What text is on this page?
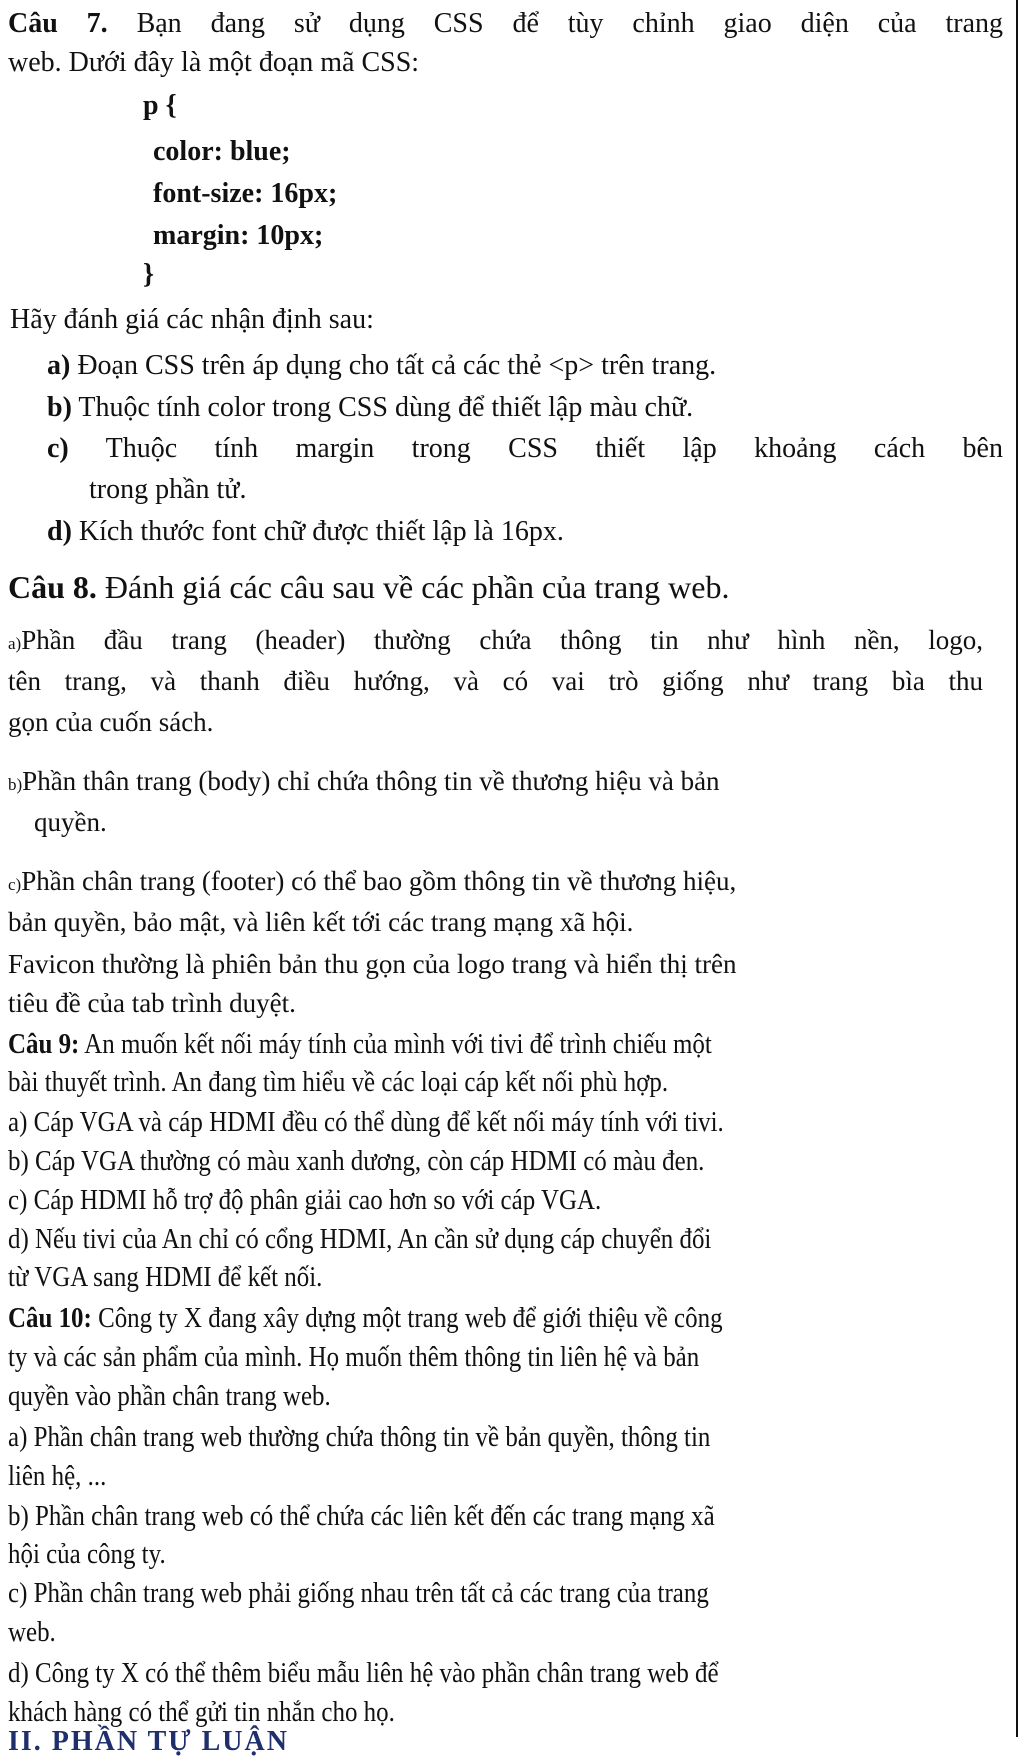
Câu 7. Bạn đang sử dụng CSS để tùy chỉnh giao diện của trang
web. Dưới đây là một đoạn mã CSS:
p {
color: blue;
font-size: 16px;
margin: 10px;
}
Hãy đánh giá các nhận định sau:
a) Đoạn CSS trên áp dụng cho tất cả các thẻ <p> trên trang.
b) Thuộc tính color trong CSS dùng để thiết lập màu chữ.
c) Thuộc tính margin trong CSS thiết lập khoảng cách bên
trong phần tử.
d) Kích thước font chữ được thiết lập là 16px.
Câu 8. Đánh giá các câu sau về các phần của trang web.
a)Phần đầu trang (header) thường chứa thông tin như hình nền, logo,
tên trang, và thanh điều hướng, và có vai trò giống như trang bìa thu
gọn của cuốn sách.
b)Phần thân trang (body) chỉ chứa thông tin về thương hiệu và bản
quyền.
c)Phần chân trang (footer) có thể bao gồm thông tin về thương hiệu,
bản quyền, bảo mật, và liên kết tới các trang mạng xã hội.
Favicon thường là phiên bản thu gọn của logo trang và hiển thị trên
tiêu đề của tab trình duyệt.
Câu 9: An muốn kết nối máy tính của mình với tivi để trình chiếu một
bài thuyết trình. An đang tìm hiểu về các loại cáp kết nối phù hợp.
a) Cáp VGA và cáp HDMI đều có thể dùng để kết nối máy tính với tivi.
b) Cáp VGA thường có màu xanh dương, còn cáp HDMI có màu đen.
c) Cáp HDMI hỗ trợ độ phân giải cao hơn so với cáp VGA.
d) Nếu tivi của An chỉ có cổng HDMI, An cần sử dụng cáp chuyển đổi
từ VGA sang HDMI để kết nối.
Câu 10: Công ty X đang xây dựng một trang web để giới thiệu về công
ty và các sản phẩm của mình. Họ muốn thêm thông tin liên hệ và bản
quyền vào phần chân trang web.
a) Phần chân trang web thường chứa thông tin về bản quyền, thông tin
liên hệ, ...
b) Phần chân trang web có thể chứa các liên kết đến các trang mạng xã
hội của công ty.
c) Phần chân trang web phải giống nhau trên tất cả các trang của trang
web.
d) Công ty X có thể thêm biểu mẫu liên hệ vào phần chân trang web để
khách hàng có thể gửi tin nhắn cho họ.
II. PHẦN TỰ LUẬN
